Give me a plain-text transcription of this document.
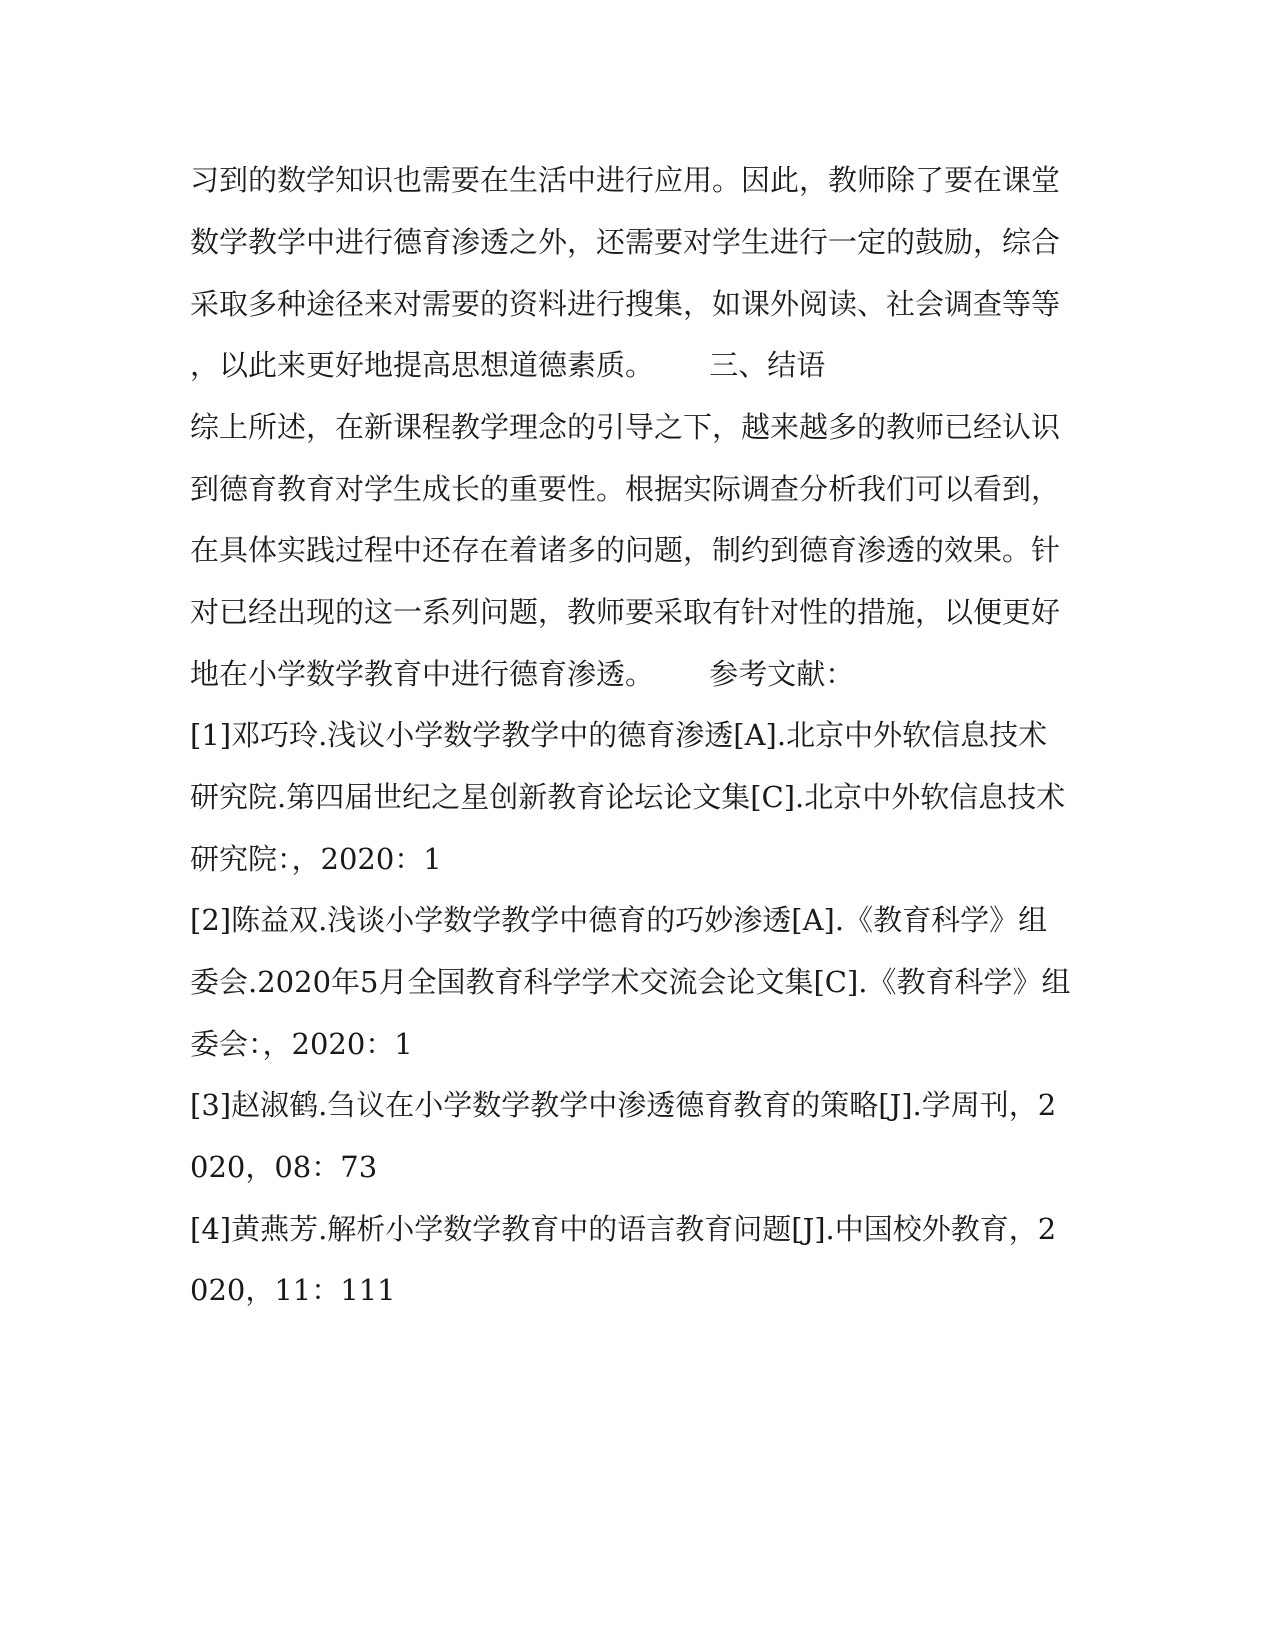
习到的数学知识也需要在生活中进行应用。因此，教师除了要在课堂
数学教学中进行德育渗透之外，还需要对学生进行一定的鼓励，综合
采取多种途径来对需要的资料进行搜集，如课外阅读、社会调查等等
，以此来更好地提高思想道德素质。      三、结语
综上所述，在新课程教学理念的引导之下，越来越多的教师已经认识
到德育教育对学生成长的重要性。根据实际调查分析我们可以看到，
在具体实践过程中还存在着诸多的问题，制约到德育渗透的效果。针
对已经出现的这一系列问题，教师要采取有针对性的措施，以便更好
地在小学数学教育中进行德育渗透。      参考文献：
[1]邓巧玲.浅议小学数学教学中的德育渗透[A].北京中外软信息技术
研究院.第四届世纪之星创新教育论坛论文集[C].北京中外软信息技术
研究院：，2020：1
[2]陈益双.浅谈小学数学教学中德育的巧妙渗透[A].《教育科学》组
委会.2020年5月全国教育科学学术交流会论文集[C].《教育科学》组
委会：，2020：1
[3]赵淑鹤.刍议在小学数学教学中渗透德育教育的策略[J].学周刊，2
020，08：73
[4]黄燕芳.解析小学数学教育中的语言教育问题[J].中国校外教育，2
020，11：111
